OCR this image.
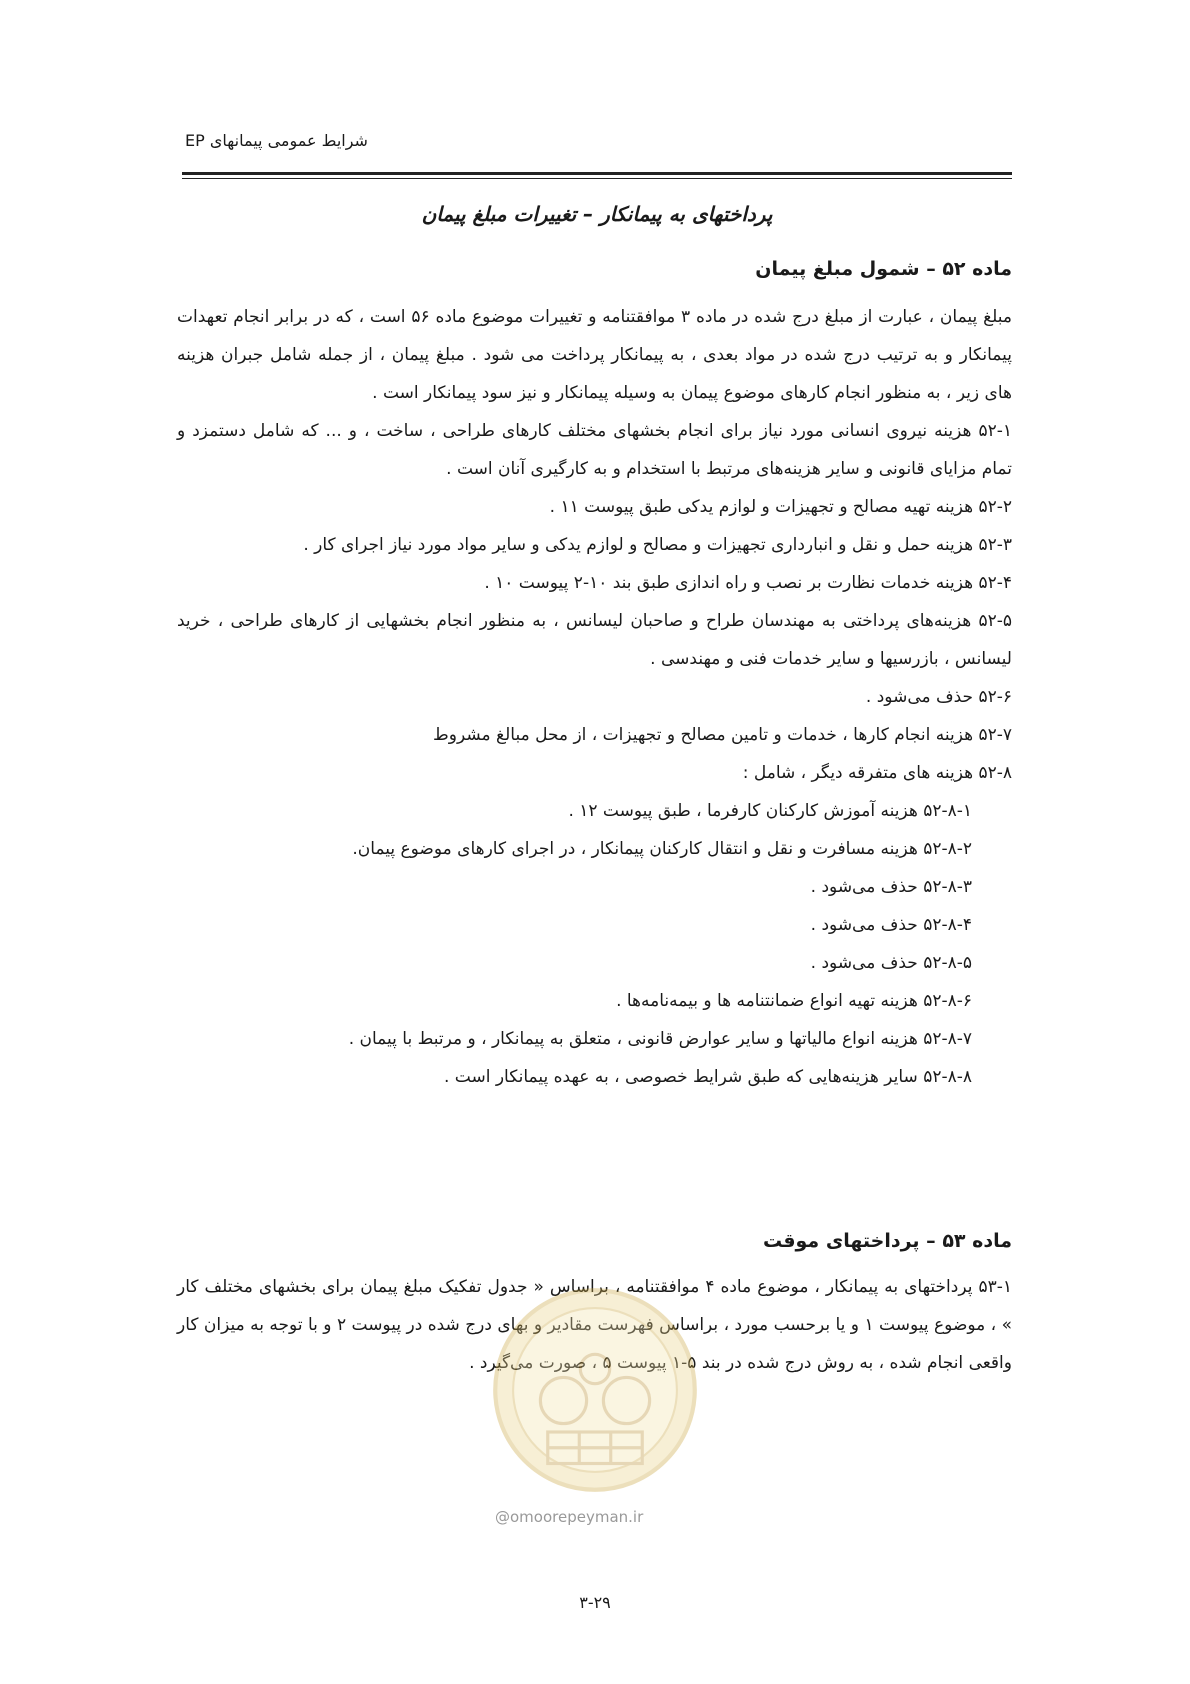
شرایط عمومی پیمانهای EP
پرداختهای به پیمانکار – تغییرات مبلغ پیمان
ماده ۵۲ – شمول مبلغ پیمان
مبلغ پیمان ، عبارت از مبلغ درج شده در ماده ۳ موافقتنامه و تغییرات موضوع ماده ۵۶ است ، که در برابر انجام تعهدات پیمانکار و به ترتیب درج شده در مواد بعدی ، به پیمانکار پرداخت می شود . مبلغ پیمان ، از جمله شامل جبران هزینه های زیر ، به منظور انجام کارهای موضوع پیمان به وسیله پیمانکار و نیز سود پیمانکار است .
۵۲-۱ هزینه نیروی انسانی مورد نیاز برای انجام بخشهای مختلف کارهای طراحی ، ساخت ، و ... که شامل دستمزد و تمام مزایای قانونی و سایر هزینه‌های مرتبط با استخدام و به کارگیری آنان است .
۵۲-۲ هزینه تهیه مصالح و تجهیزات و لوازم یدکی طبق پیوست ۱۱ .
۵۲-۳ هزینه حمل و نقل و انبارداری تجهیزات و مصالح و لوازم یدکی و سایر مواد مورد نیاز اجرای کار .
۵۲-۴ هزینه خدمات نظارت بر نصب و راه اندازی طبق بند ۱۰-۲ پیوست ۱۰ .
۵۲-۵ هزینه‌های پرداختی به مهندسان طراح و صاحبان لیسانس ، به منظور انجام بخشهایی از کارهای طراحی ، خرید لیسانس ، بازرسیها و سایر خدمات فنی و مهندسی .
۵۲-۶ حذف می‌شود .
۵۲-۷ هزینه انجام کارها ، خدمات و تامین مصالح و تجهیزات ، از محل مبالغ مشروط
۵۲-۸ هزینه های متفرقه دیگر ، شامل :
۵۲-۸-۱ هزینه آموزش کارکنان کارفرما ، طبق پیوست ۱۲ .
۵۲-۸-۲ هزینه مسافرت و نقل و انتقال کارکنان پیمانکار ، در اجرای کارهای موضوع پیمان.
۵۲-۸-۳ حذف می‌شود .
۵۲-۸-۴ حذف می‌شود .
۵۲-۸-۵ حذف می‌شود .
۵۲-۸-۶ هزینه تهیه انواع ضمانتنامه ها و بیمه‌نامه‌ها .
۵۲-۸-۷ هزینه انواع مالیاتها و سایر عوارض قانونی ، متعلق به پیمانکار ، و مرتبط با پیمان .
۵۲-۸-۸ سایر هزینه‌هایی که طبق شرایط خصوصی ، به عهده پیمانکار است .
ماده ۵۳ – پرداختهای موقت
۵۳-۱ پرداختهای به پیمانکار ، موضوع ماده ۴ موافقتنامه ، براساس « جدول تفکیک مبلغ پیمان برای بخشهای مختلف کار » ، موضوع پیوست ۱ و یا برحسب مورد ، براساس فهرست مقادیر و بهای درج شده در پیوست ۲ و با توجه به میزان کار واقعی انجام شده ، به روش درج شده در بند ۵-۱ پیوست ۵ ، صورت می‌گیرد .
@omoorepeyman.ir
۳-۲۹
